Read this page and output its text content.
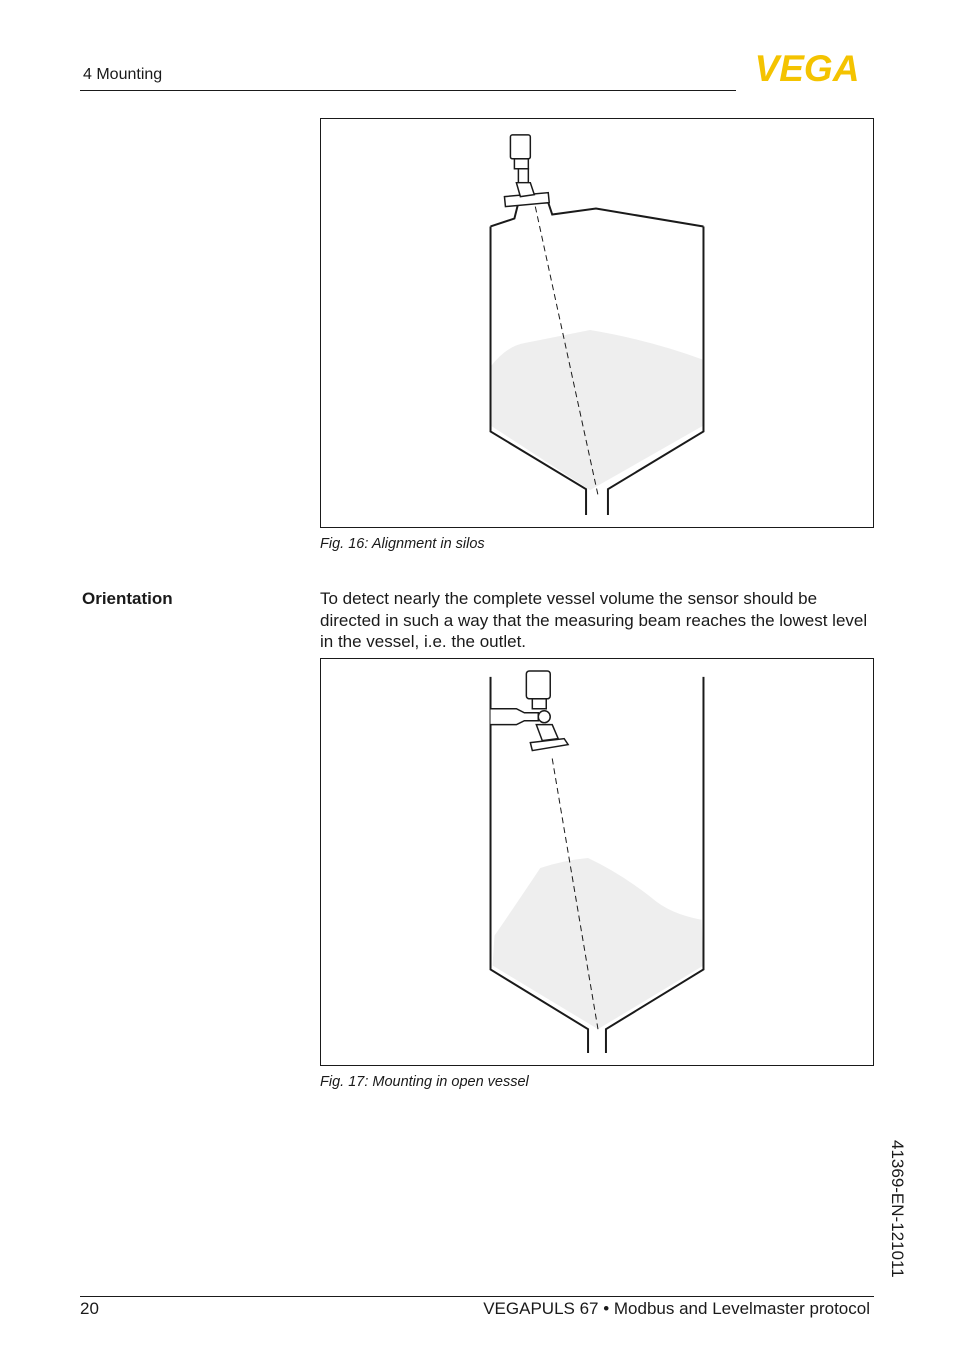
4 Mounting	VEGA
Fig. 16: Alignment in silos
Orientation	To detect nearly the complete vessel volume the sensor should be directed in such a way that the measuring beam reaches the lowest level in the vessel, i.e. the outlet.
Fig. 17: Mounting in open vessel
41369-EN-121011
20	VEGAPULS 67 • Modbus and Levelmaster protocol
